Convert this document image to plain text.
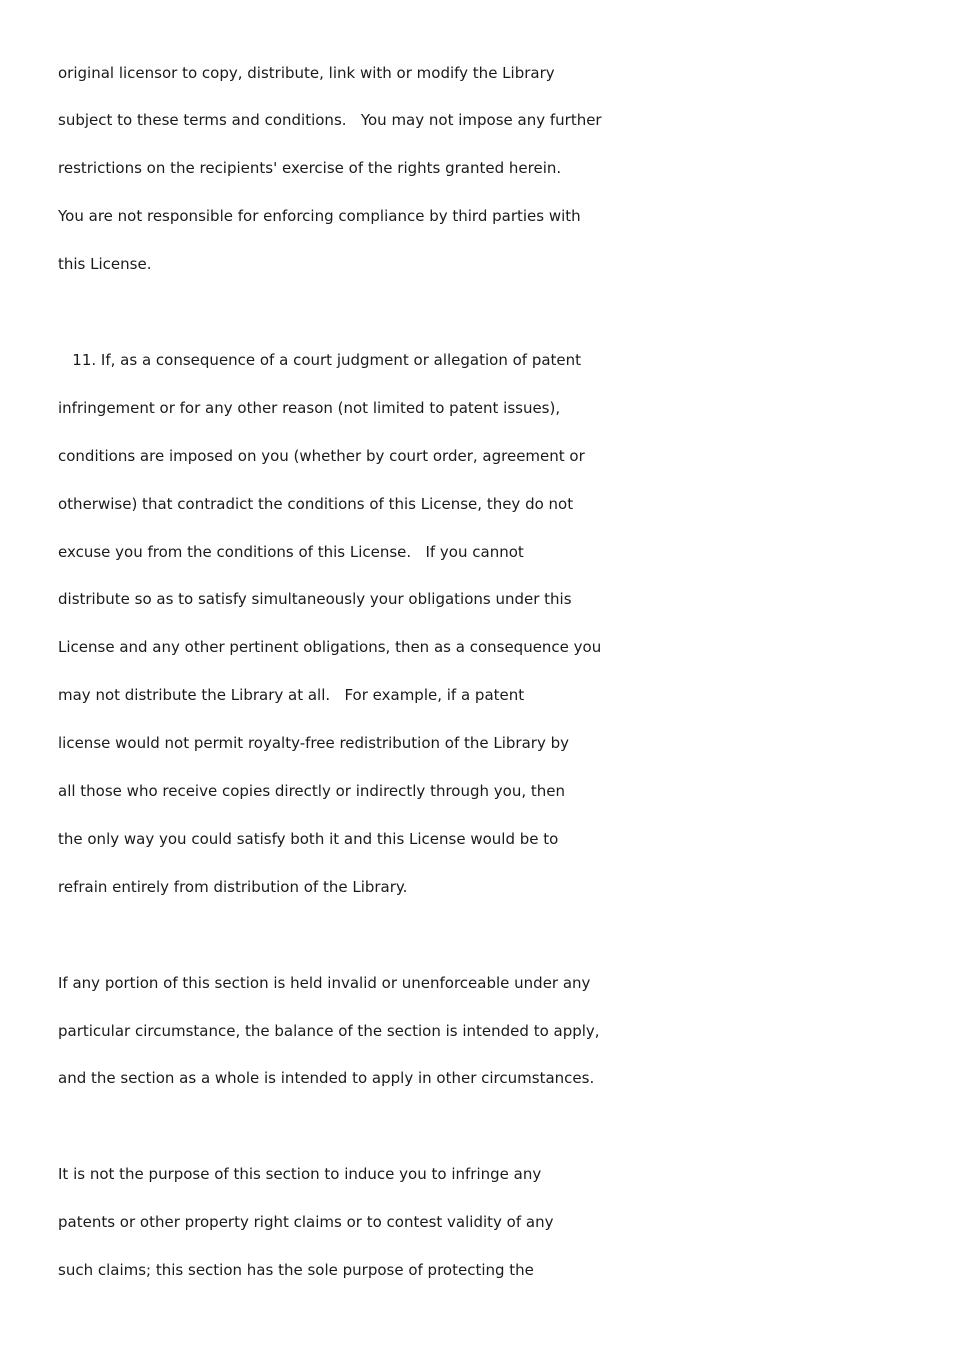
original licensor to copy, distribute, link with or modify the Library
subject to these terms and conditions.   You may not impose any further
restrictions on the recipients' exercise of the rights granted herein.
You are not responsible for enforcing compliance by third parties with
this License.
11. If, as a consequence of a court judgment or allegation of patent
infringement or for any other reason (not limited to patent issues),
conditions are imposed on you (whether by court order, agreement or
otherwise) that contradict the conditions of this License, they do not
excuse you from the conditions of this License.   If you cannot
distribute so as to satisfy simultaneously your obligations under this
License and any other pertinent obligations, then as a consequence you
may not distribute the Library at all.   For example, if a patent
license would not permit royalty-free redistribution of the Library by
all those who receive copies directly or indirectly through you, then
the only way you could satisfy both it and this License would be to
refrain entirely from distribution of the Library.
If any portion of this section is held invalid or unenforceable under any
particular circumstance, the balance of the section is intended to apply,
and the section as a whole is intended to apply in other circumstances.
It is not the purpose of this section to induce you to infringe any
patents or other property right claims or to contest validity of any
such claims; this section has the sole purpose of protecting the
